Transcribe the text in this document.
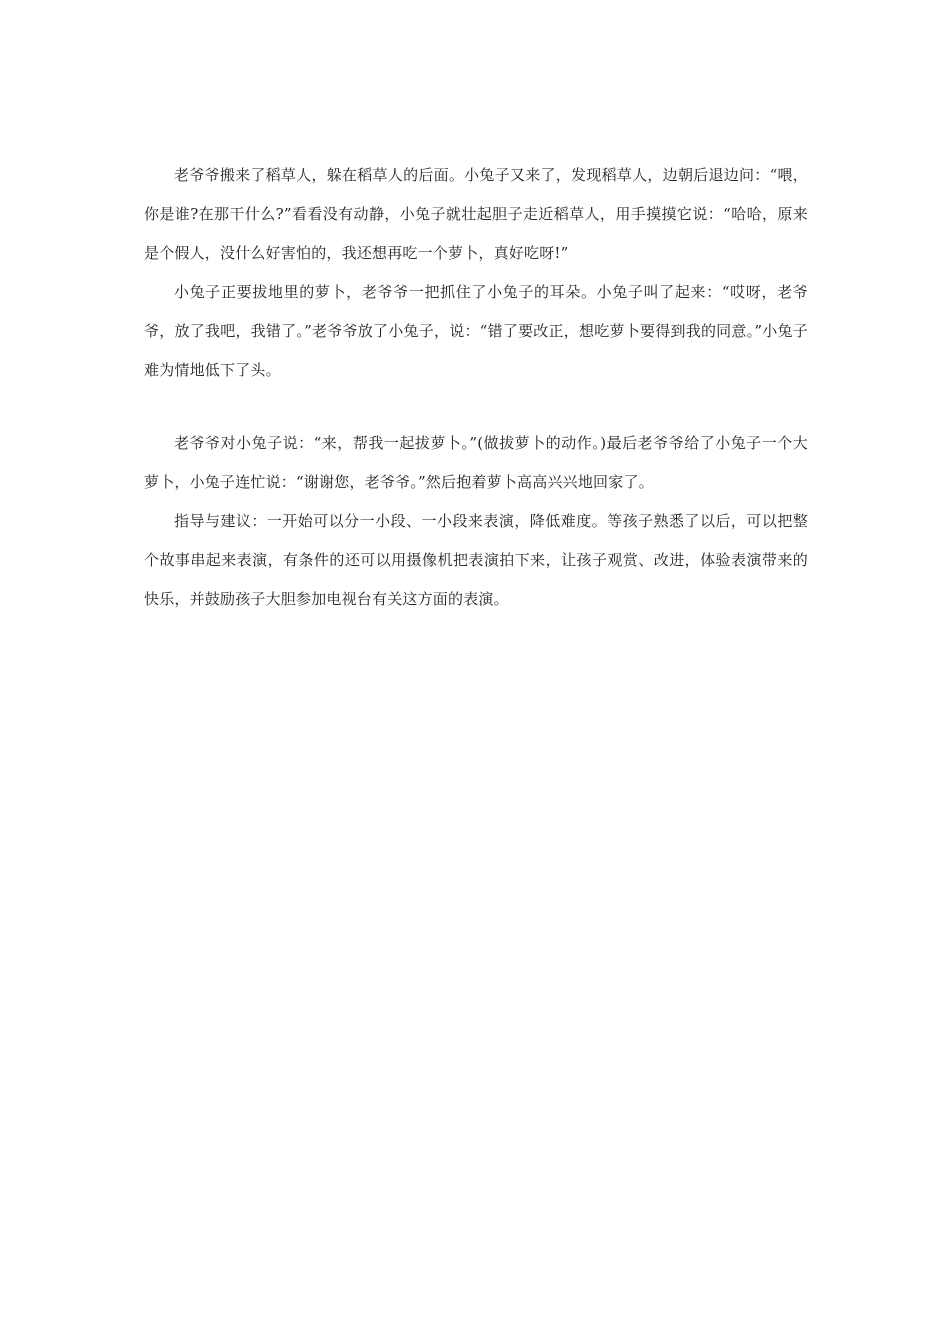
老爷爷搬来了稻草人，躲在稻草人的后面。小兔子又来了，发现稻草人，边朝后退边问：“喂，你是谁?在那干什么?”看看没有动静，小兔子就壮起胆子走近稻草人，用手摸摸它说：“哈哈，原来是个假人，没什么好害怕的，我还想再吃一个萝卜，真好吃呀!”

小兔子正要拔地里的萝卜，老爷爷一把抓住了小兔子的耳朵。小兔子叫了起来：“哎呀，老爷爷，放了我吧，我错了。”老爷爷放了小兔子，说：“错了要改正，想吃萝卜要得到我的同意。”小兔子难为情地低下了头。

老爷爷对小兔子说：“来，帮我一起拔萝卜。”(做拔萝卜的动作。)最后老爷爷给了小兔子一个大萝卜，小兔子连忙说：“谢谢您，老爷爷。”然后抱着萝卜高高兴兴地回家了。

指导与建议：一开始可以分一小段、一小段来表演，降低难度。等孩子熟悉了以后，可以把整个故事串起来表演，有条件的还可以用摄像机把表演拍下来，让孩子观赏、改进，体验表演带来的快乐，并鼓励孩子大胆参加电视台有关这方面的表演。
